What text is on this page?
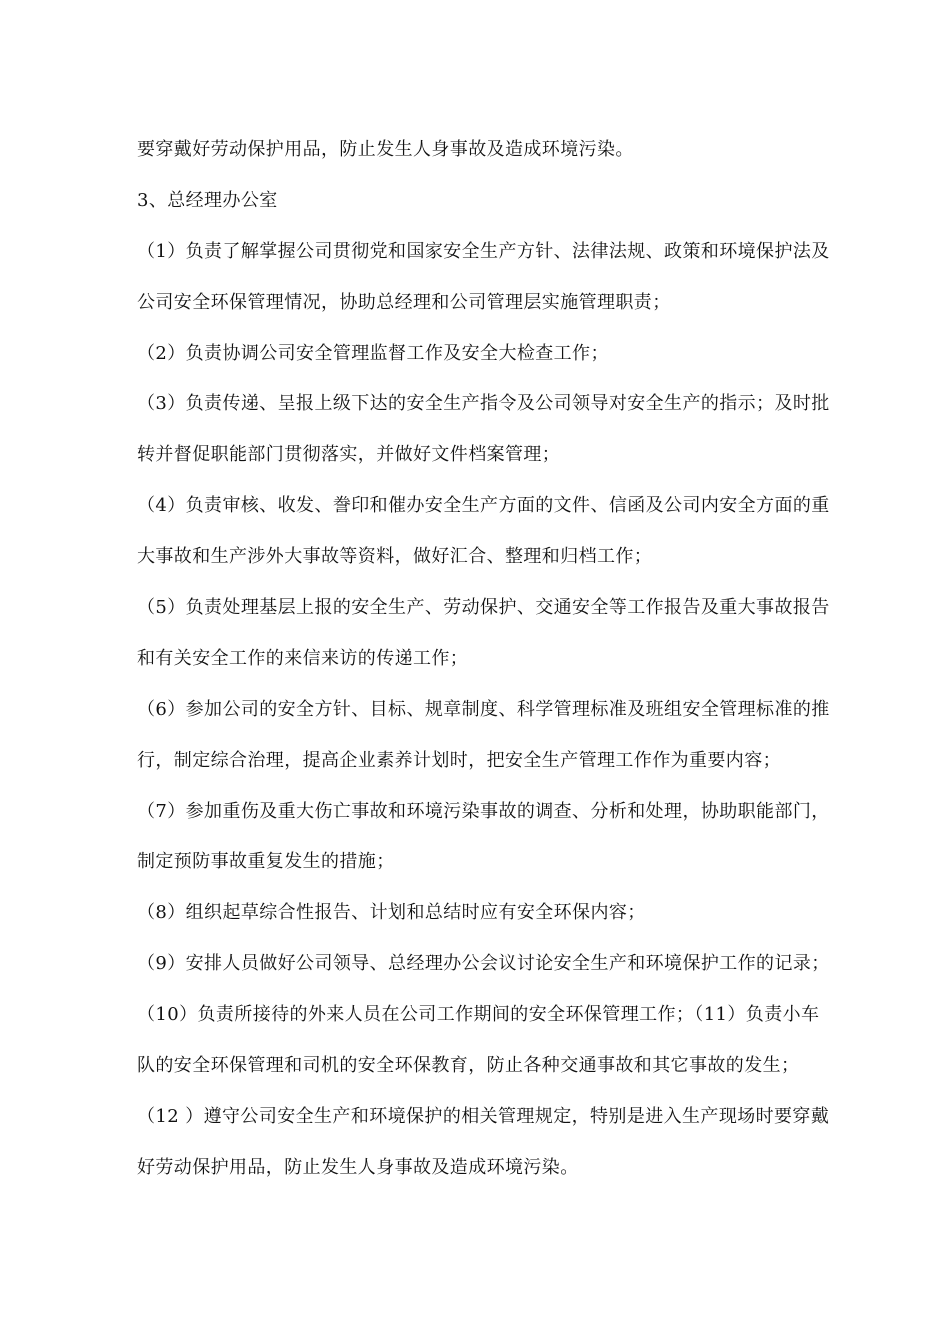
要穿戴好劳动保护用品，防止发生人身事故及造成环境污染。

3、总经理办公室

（1）负责了解掌握公司贯彻党和国家安全生产方针、法律法规、政策和环境保护法及

公司安全环保管理情况，协助总经理和公司管理层实施管理职责；

（2）负责协调公司安全管理监督工作及安全大检查工作；

（3）负责传递、呈报上级下达的安全生产指令及公司领导对安全生产的指示；及时批

转并督促职能部门贯彻落实，并做好文件档案管理；

（4）负责审核、收发、誊印和催办安全生产方面的文件、信函及公司内安全方面的重

大事故和生产涉外大事故等资料，做好汇合、整理和归档工作；

（5）负责处理基层上报的安全生产、劳动保护、交通安全等工作报告及重大事故报告

和有关安全工作的来信来访的传递工作；

（6）参加公司的安全方针、目标、规章制度、科学管理标准及班组安全管理标准的推

行，制定综合治理，提高企业素养计划时，把安全生产管理工作作为重要内容；

（7）参加重伤及重大伤亡事故和环境污染事故的调查、分析和处理，协助职能部门，

制定预防事故重复发生的措施；

（8）组织起草综合性报告、计划和总结时应有安全环保内容；

（9）安排人员做好公司领导、总经理办公会议讨论安全生产和环境保护工作的记录；

（10）负责所接待的外来人员在公司工作期间的安全环保管理工作；（11）负责小车

队的安全环保管理和司机的安全环保教育，防止各种交通事故和其它事故的发生；

（12 ）遵守公司安全生产和环境保护的相关管理规定，特别是进入生产现场时要穿戴

好劳动保护用品，防止发生人身事故及造成环境污染。
